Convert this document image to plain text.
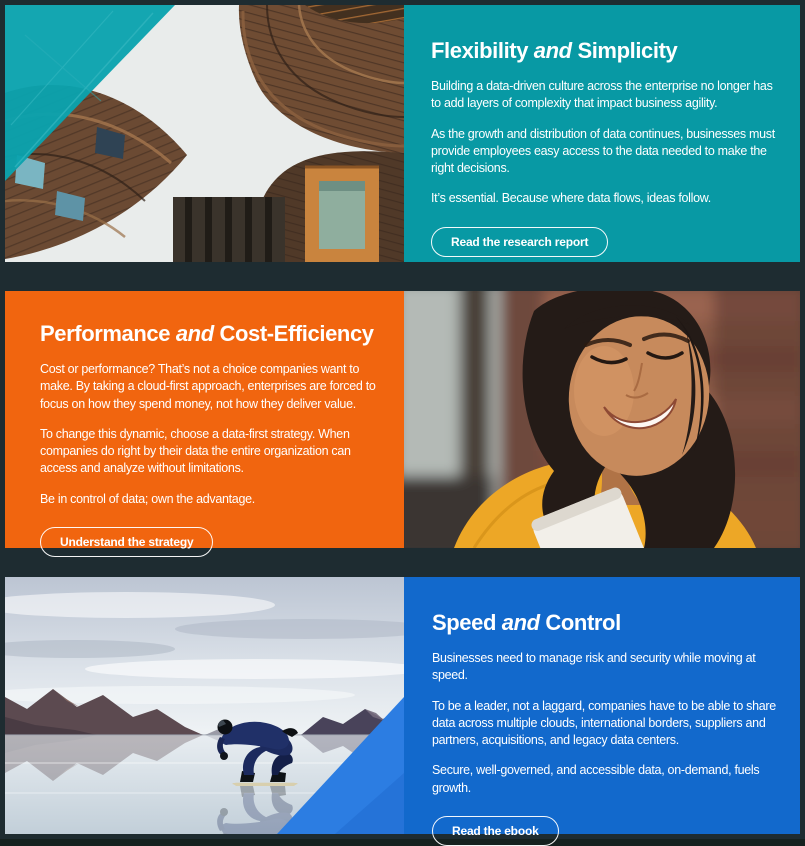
Flexibility and Simplicity

Building a data-driven culture across the enterprise no longer has to add layers of complexity that impact business agility.

As the growth and distribution of data continues, businesses must provide employees easy access to the data needed to make the right decisions.

It’s essential. Because where data flows, ideas follow.

Read the research report
Performance and Cost-Efficiency

Cost or performance? That’s not a choice companies want to make. By taking a cloud-first approach, enterprises are forced to focus on how they spend money, not how they deliver value.

To change this dynamic, choose a data-first strategy. When companies do right by their data the entire organization can access and analyze without limitations.

Be in control of data; own the advantage.

Understand the strategy
Speed and Control

Businesses need to manage risk and security while moving at speed.

To be a leader, not a laggard, companies have to be able to share data across multiple clouds, international borders, suppliers and partners, acquisitions, and legacy data centers.

Secure, well-governed, and accessible data, on-demand, fuels growth.

Read the ebook
